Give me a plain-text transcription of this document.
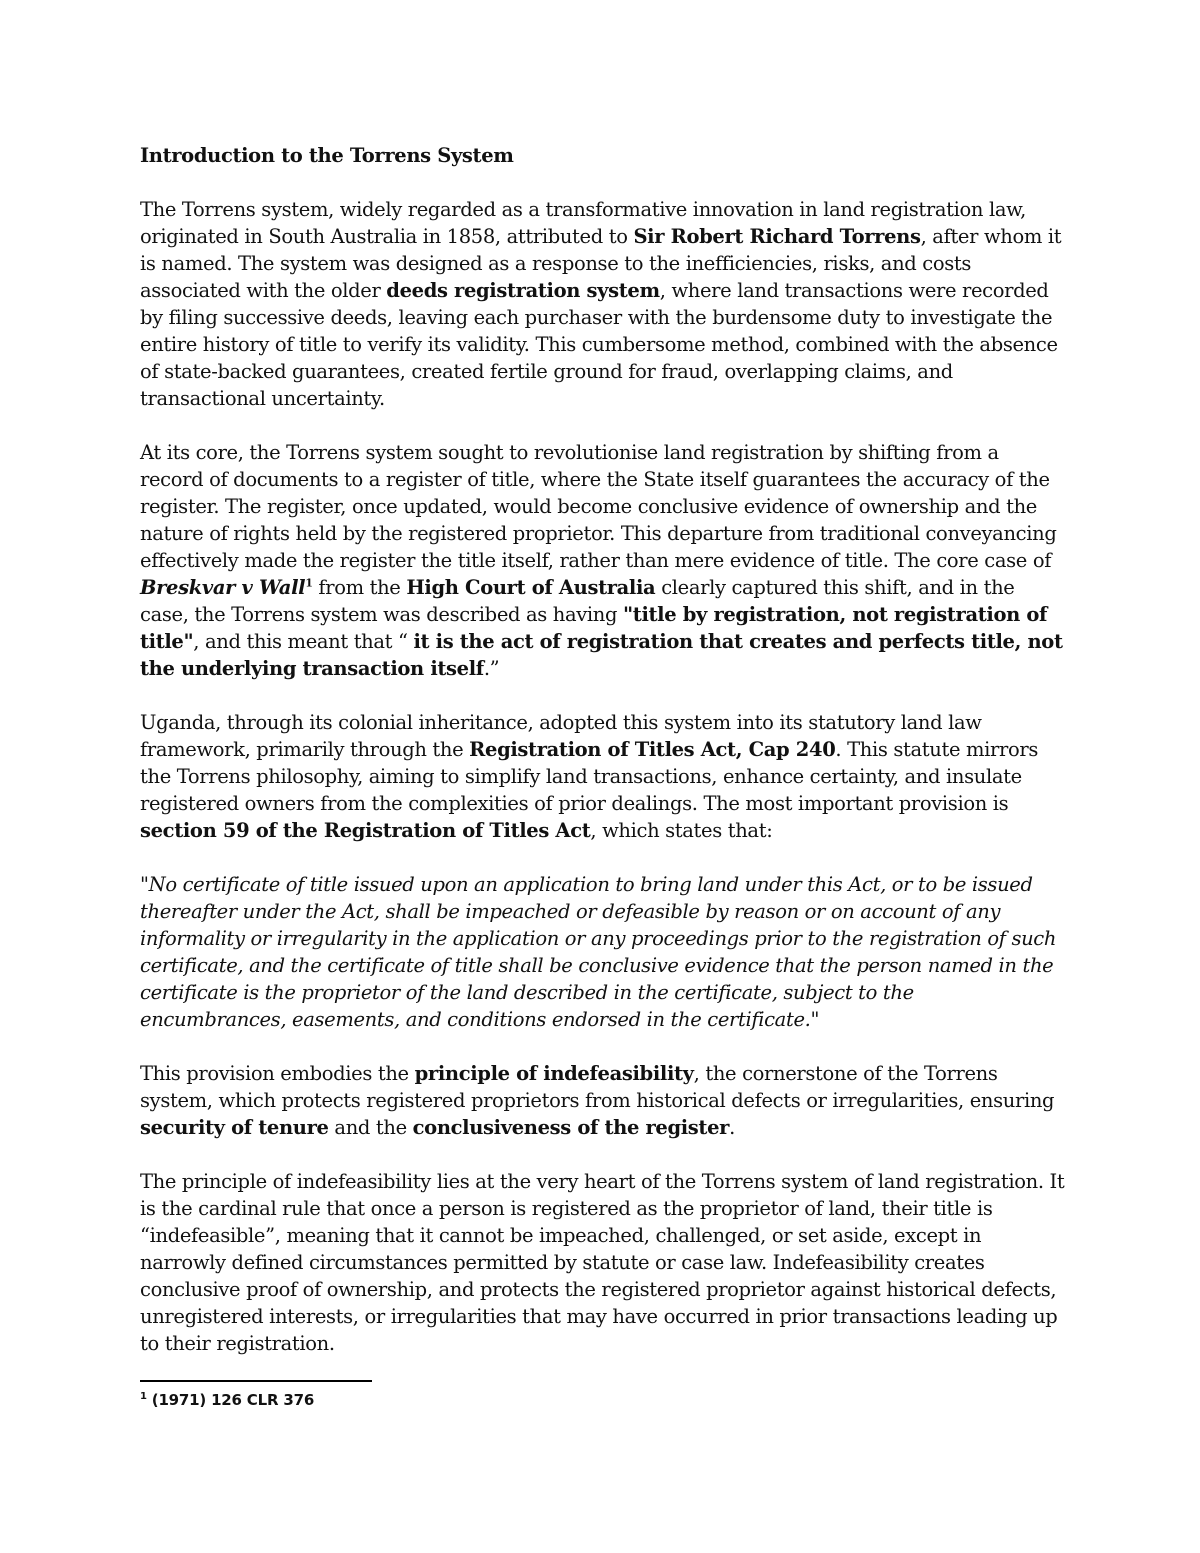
Introduction to the Torrens System

The Torrens system, widely regarded as a transformative innovation in land registration law, originated in South Australia in 1858, attributed to Sir Robert Richard Torrens, after whom it is named. The system was designed as a response to the inefficiencies, risks, and costs associated with the older deeds registration system, where land transactions were recorded by filing successive deeds, leaving each purchaser with the burdensome duty to investigate the entire history of title to verify its validity. This cumbersome method, combined with the absence of state-backed guarantees, created fertile ground for fraud, overlapping claims, and transactional uncertainty.

At its core, the Torrens system sought to revolutionise land registration by shifting from a record of documents to a register of title, where the State itself guarantees the accuracy of the register. The register, once updated, would become conclusive evidence of ownership and the nature of rights held by the registered proprietor. This departure from traditional conveyancing effectively made the register the title itself, rather than mere evidence of title. The core case of Breskvar v Wall$^1$ from the High Court of Australia clearly captured this shift, and in the case, the Torrens system was described as having "title by registration, not registration of title", and this meant that “ it is the act of registration that creates and perfects title, not the underlying transaction itself.”

Uganda, through its colonial inheritance, adopted this system into its statutory land law framework, primarily through the Registration of Titles Act, Cap 240. This statute mirrors the Torrens philosophy, aiming to simplify land transactions, enhance certainty, and insulate registered owners from the complexities of prior dealings. The most important provision is section 59 of the Registration of Titles Act, which states that:

"No certificate of title issued upon an application to bring land under this Act, or to be issued thereafter under the Act, shall be impeached or defeasible by reason or on account of any informality or irregularity in the application or any proceedings prior to the registration of such certificate, and the certificate of title shall be conclusive evidence that the person named in the certificate is the proprietor of the land described in the certificate, subject to the encumbrances, easements, and conditions endorsed in the certificate."

This provision embodies the principle of indefeasibility, the cornerstone of the Torrens system, which protects registered proprietors from historical defects or irregularities, ensuring security of tenure and the conclusiveness of the register.

The principle of indefeasibility lies at the very heart of the Torrens system of land registration. It is the cardinal rule that once a person is registered as the proprietor of land, their title is “indefeasible”, meaning that it cannot be impeached, challenged, or set aside, except in narrowly defined circumstances permitted by statute or case law. Indefeasibility creates conclusive proof of ownership, and protects the registered proprietor against historical defects, unregistered interests, or irregularities that may have occurred in prior transactions leading up to their registration.

$^1$ (1971) 126 CLR 376
